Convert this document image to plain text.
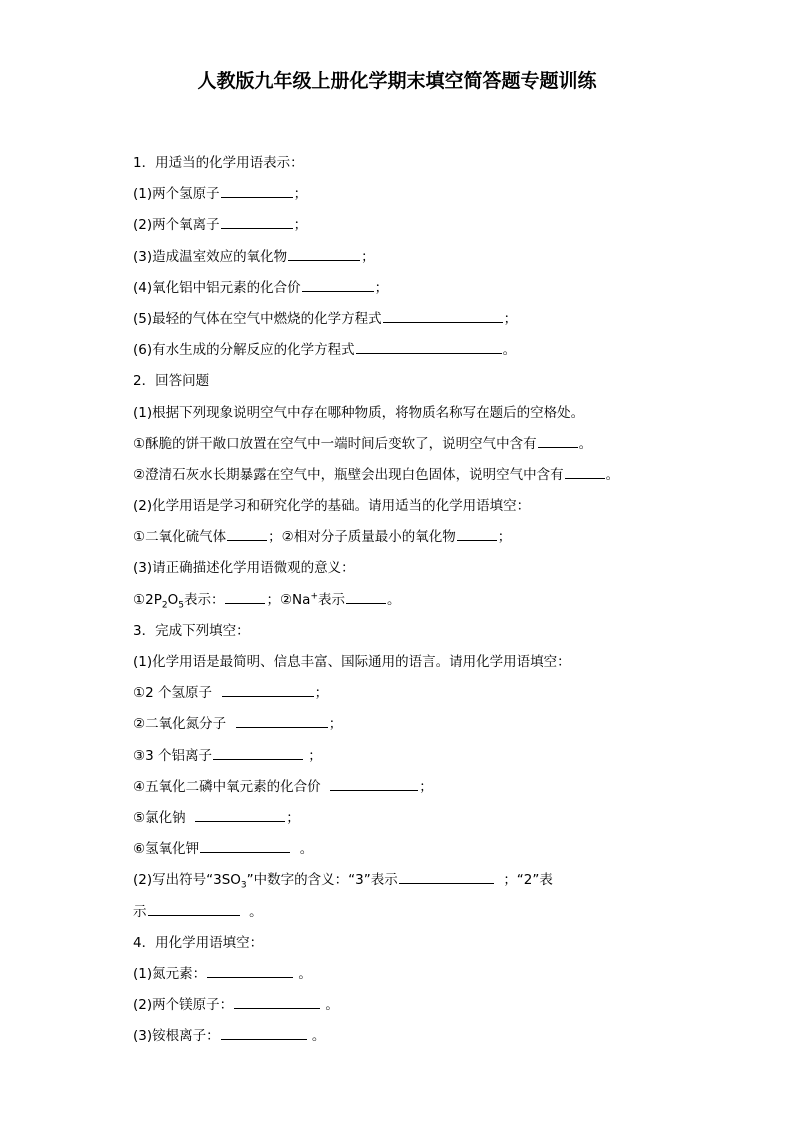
人教版九年级上册化学期末填空简答题专题训练
1．用适当的化学用语表示：
(1)两个氢原子	；
(2)两个氧离子	；
(3)造成温室效应的氧化物	；
(4)氧化铝中铝元素的化合价	；
(5)最轻的气体在空气中燃烧的化学方程式	；
(6)有水生成的分解反应的化学方程式	。
2．回答问题
(1)根据下列现象说明空气中存在哪种物质，将物质名称写在题后的空格处。
①酥脆的饼干敞口放置在空气中一端时间后变软了，说明空气中含有	。
②澄清石灰水长期暴露在空气中，瓶壁会出现白色固体，说明空气中含有	。
(2)化学用语是学习和研究化学的基础。请用适当的化学用语填空：
①二氧化硫气体	；②相对分子质量最小的氧化物	；
(3)请正确描述化学用语微观的意义：
$①2P_2O_5$表示：	；②Na+表示	。
3．完成下列填空：
(1)化学用语是最简明、信息丰富、国际通用的语言。请用化学用语填空：
①2 个氢原子	；
②二氧化氮分子	；
③3 个铝离子	；
④五氧化二磷中氧元素的化合价	；
⑤氯化钠	；
⑥氢氧化钾	。
(2)写出符号“$3SO_3$”中数字的含义：“3”表示	；“2”表
示	。
4．用化学用语填空：
(1)氮元素：	。
(2)两个镁原子：	。
(3)铵根离子：	。
